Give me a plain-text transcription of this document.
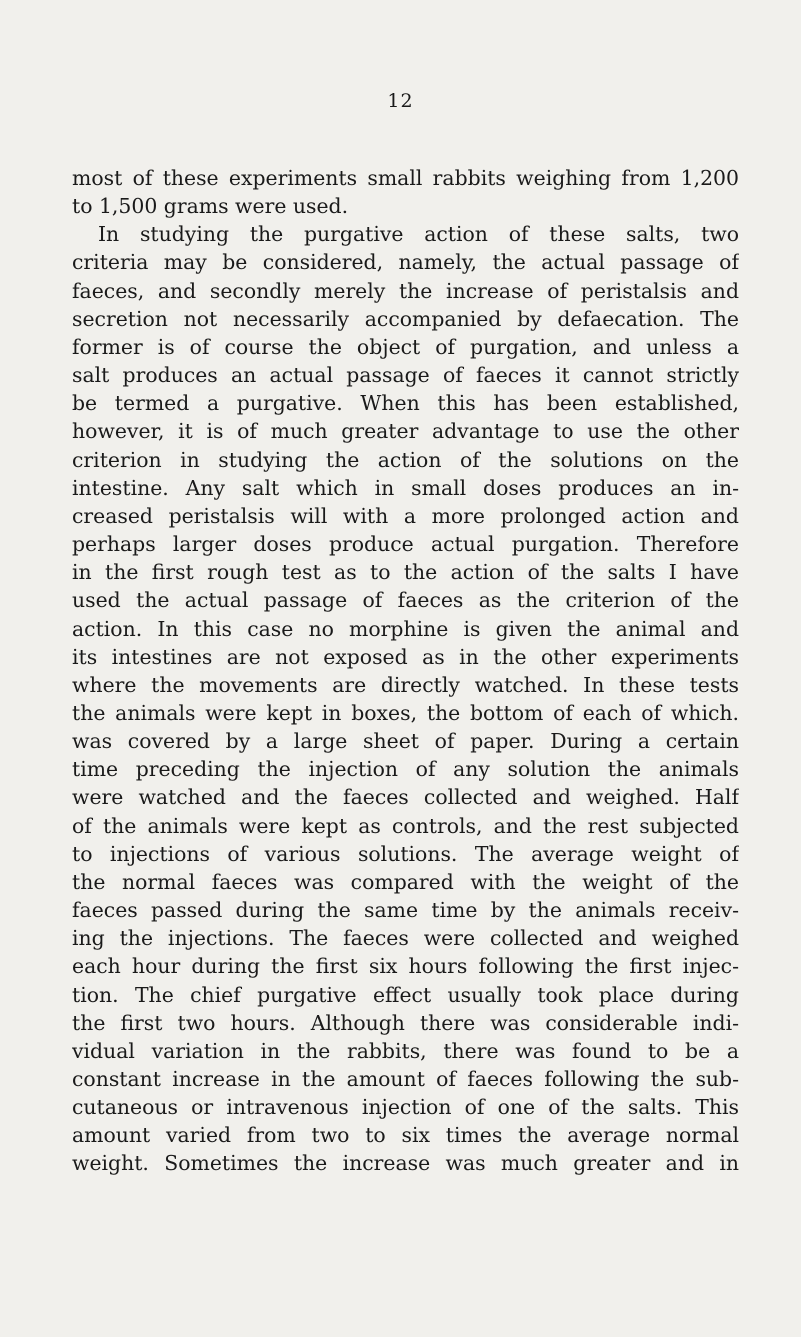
12
most of these experiments small rabbits weighing from 1,200
to 1,500 grams were used.
In studying the purgative action of these salts, two
criteria may be considered, namely, the actual passage of
faeces, and secondly merely the increase of peristalsis and
secretion not necessarily accompanied by defaecation. The
former is of course the object of purgation, and unless a
salt produces an actual passage of faeces it cannot strictly
be termed a purgative. When this has been established,
however, it is of much greater advantage to use the other
criterion in studying the action of the solutions on the
intestine. Any salt which in small doses produces an in-
creased peristalsis will with a more prolonged action and
perhaps larger doses produce actual purgation. Therefore
in the first rough test as to the action of the salts I have
used the actual passage of faeces as the criterion of the
action. In this case no morphine is given the animal and
its intestines are not exposed as in the other experiments
where the movements are directly watched. In these tests
the animals were kept in boxes, the bottom of each of which.
was covered by a large sheet of paper. During a certain
time preceding the injection of any solution the animals
were watched and the faeces collected and weighed. Half
of the animals were kept as controls, and the rest subjected
to injections of various solutions. The average weight of
the normal faeces was compared with the weight of the
faeces passed during the same time by the animals receiv-
ing the injections. The faeces were collected and weighed
each hour during the first six hours following the first injec-
tion. The chief purgative effect usually took place during
the first two hours. Although there was considerable indi-
vidual variation in the rabbits, there was found to be a
constant increase in the amount of faeces following the sub-
cutaneous or intravenous injection of one of the salts. This
amount varied from two to six times the average normal
weight. Sometimes the increase was much greater and in
